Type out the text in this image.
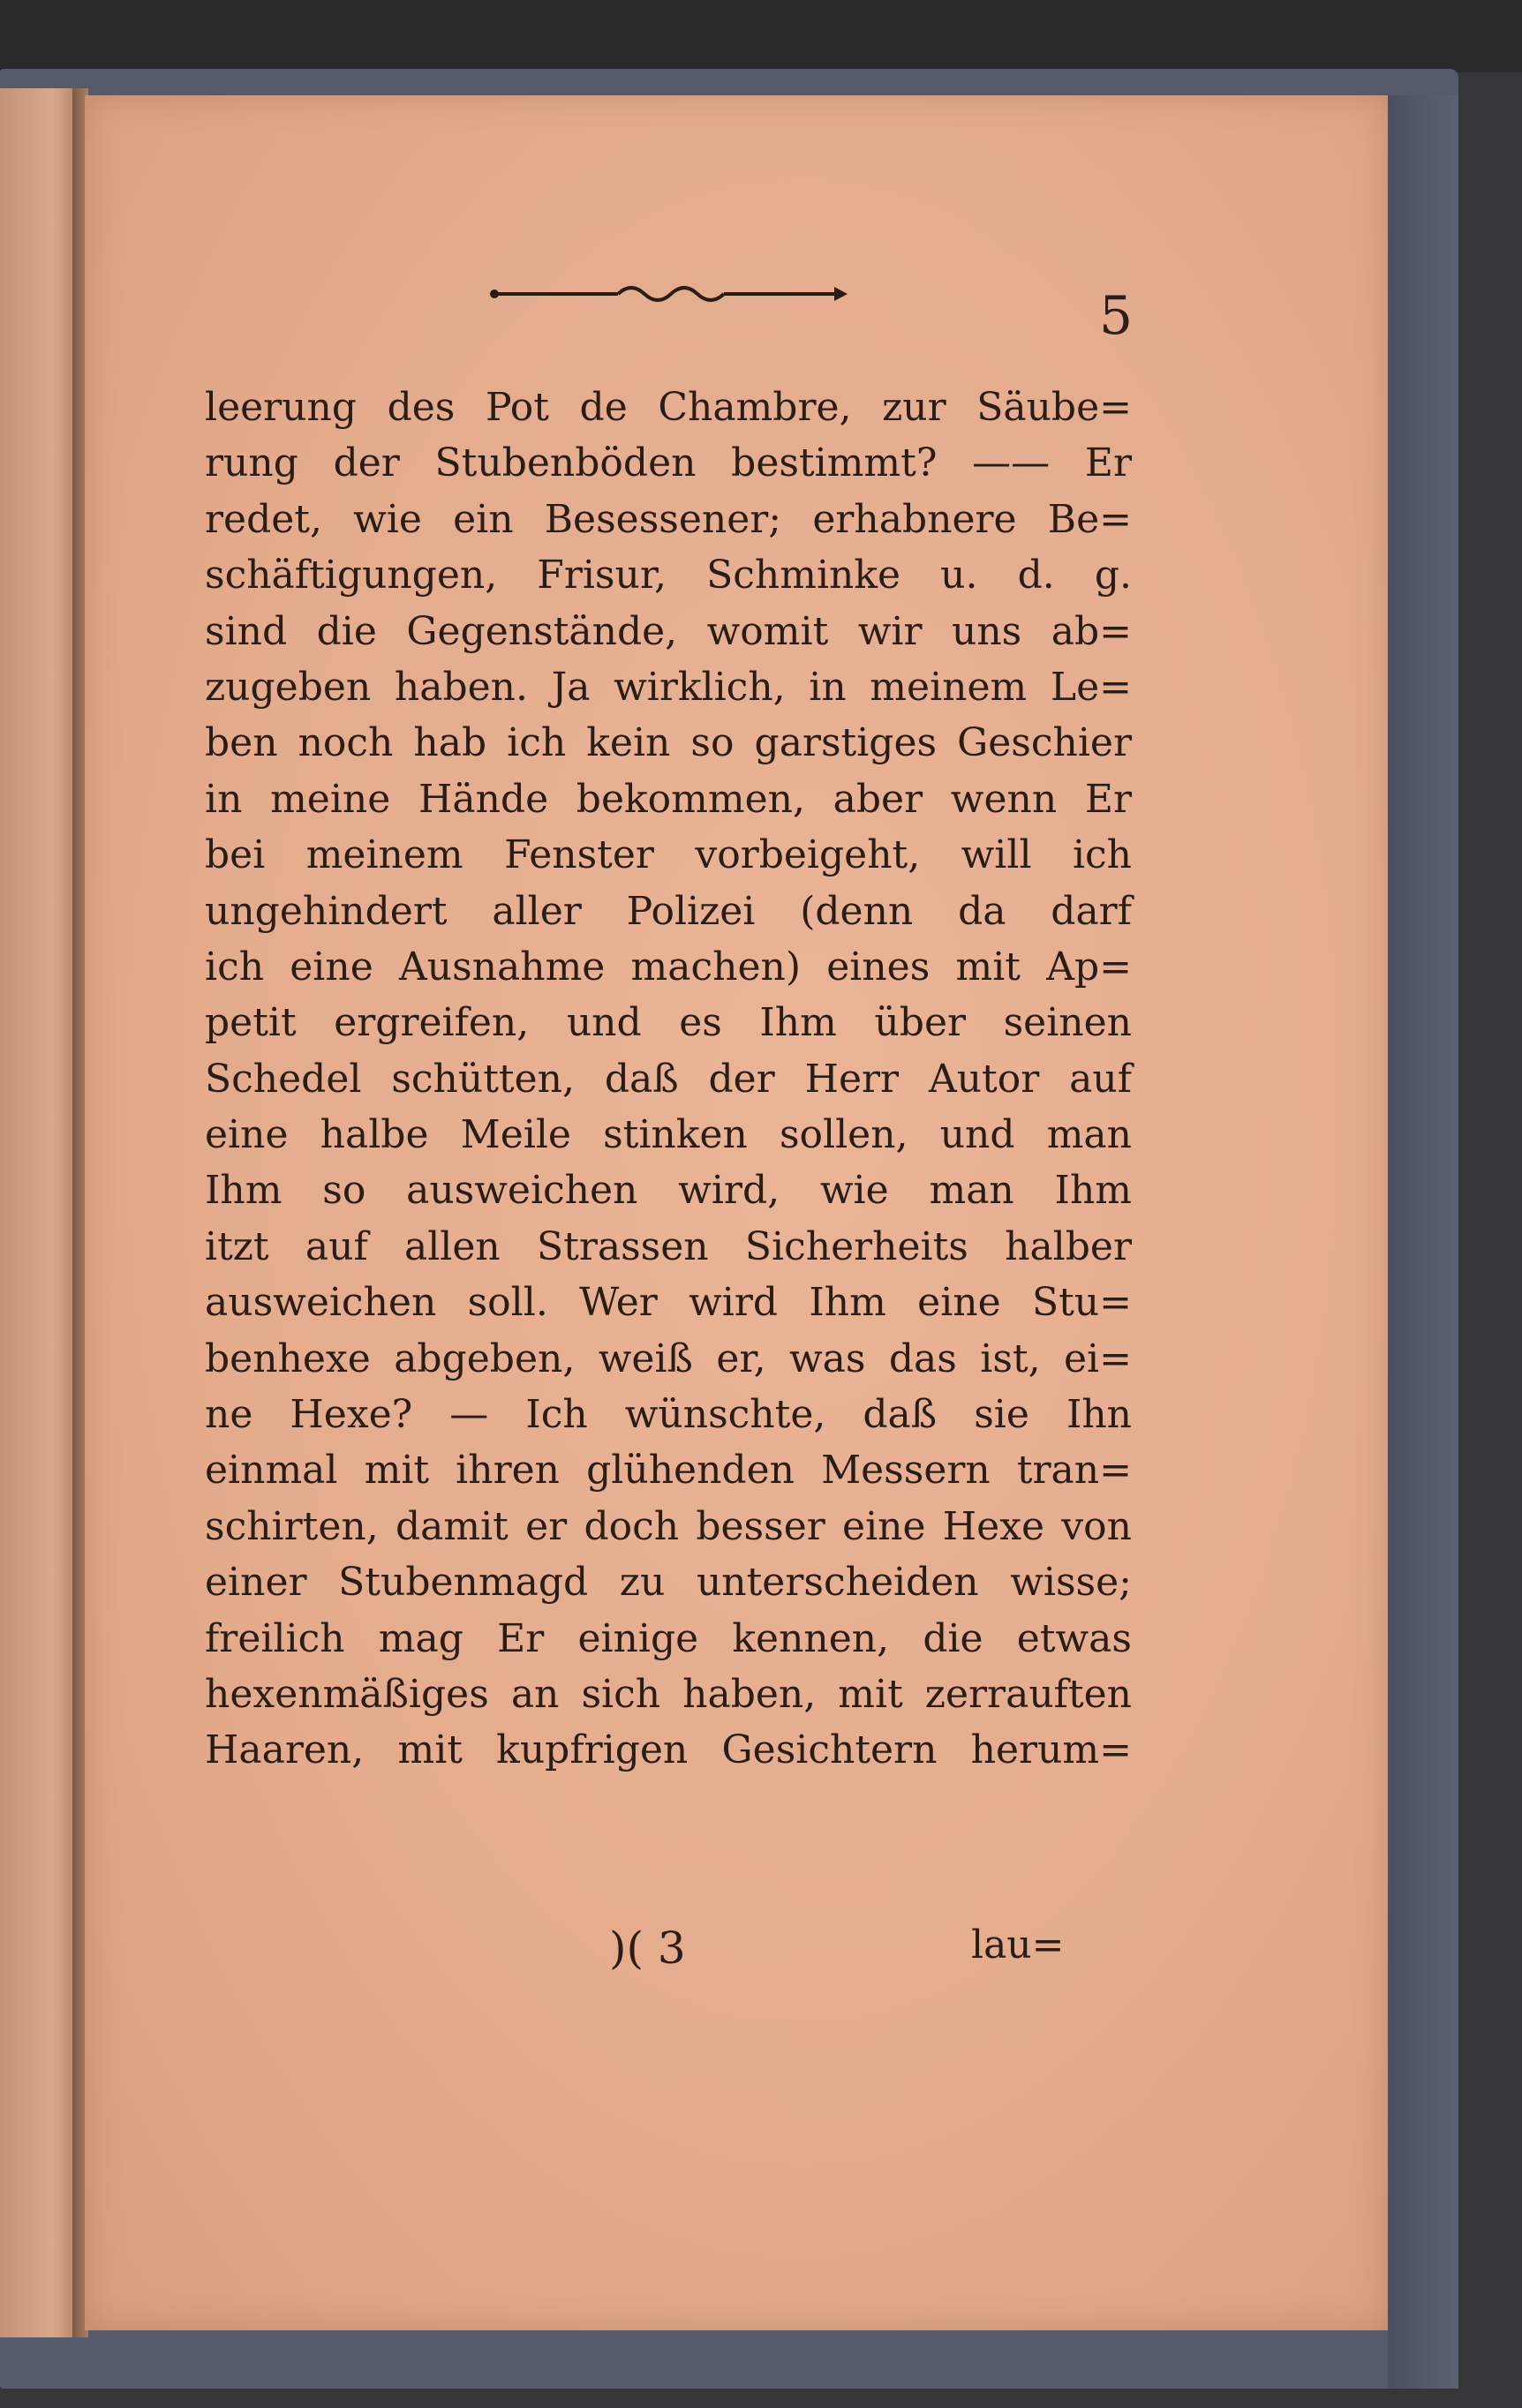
5
leerung des Pot de Chambre, zur Säube=
rung der Stubenböden bestimmt? —— Er
redet, wie ein Besessener; erhabnere Be=
schäftigungen, Frisur, Schminke u. d. g.
sind die Gegenstände, womit wir uns ab=
zugeben haben. Ja wirklich, in meinem Le=
ben noch hab ich kein so garstiges Geschier
in meine Hände bekommen, aber wenn Er
bei meinem Fenster vorbeigeht, will ich
ungehindert aller Polizei (denn da darf
ich eine Ausnahme machen) eines mit Ap=
petit ergreifen, und es Ihm über seinen
Schedel schütten, daß der Herr Autor auf
eine halbe Meile stinken sollen, und man
Ihm so ausweichen wird, wie man Ihm
itzt auf allen Strassen Sicherheits halber
ausweichen soll. Wer wird Ihm eine Stu=
benhexe abgeben, weiß er, was das ist, ei=
ne Hexe? — Ich wünschte, daß sie Ihn
einmal mit ihren glühenden Messern tran=
schirten, damit er doch besser eine Hexe von
einer Stubenmagd zu unterscheiden wisse;
freilich mag Er einige kennen, die etwas
hexenmäßiges an sich haben, mit zerrauften
Haaren, mit kupfrigen Gesichtern herum=
)( 3	lau=
